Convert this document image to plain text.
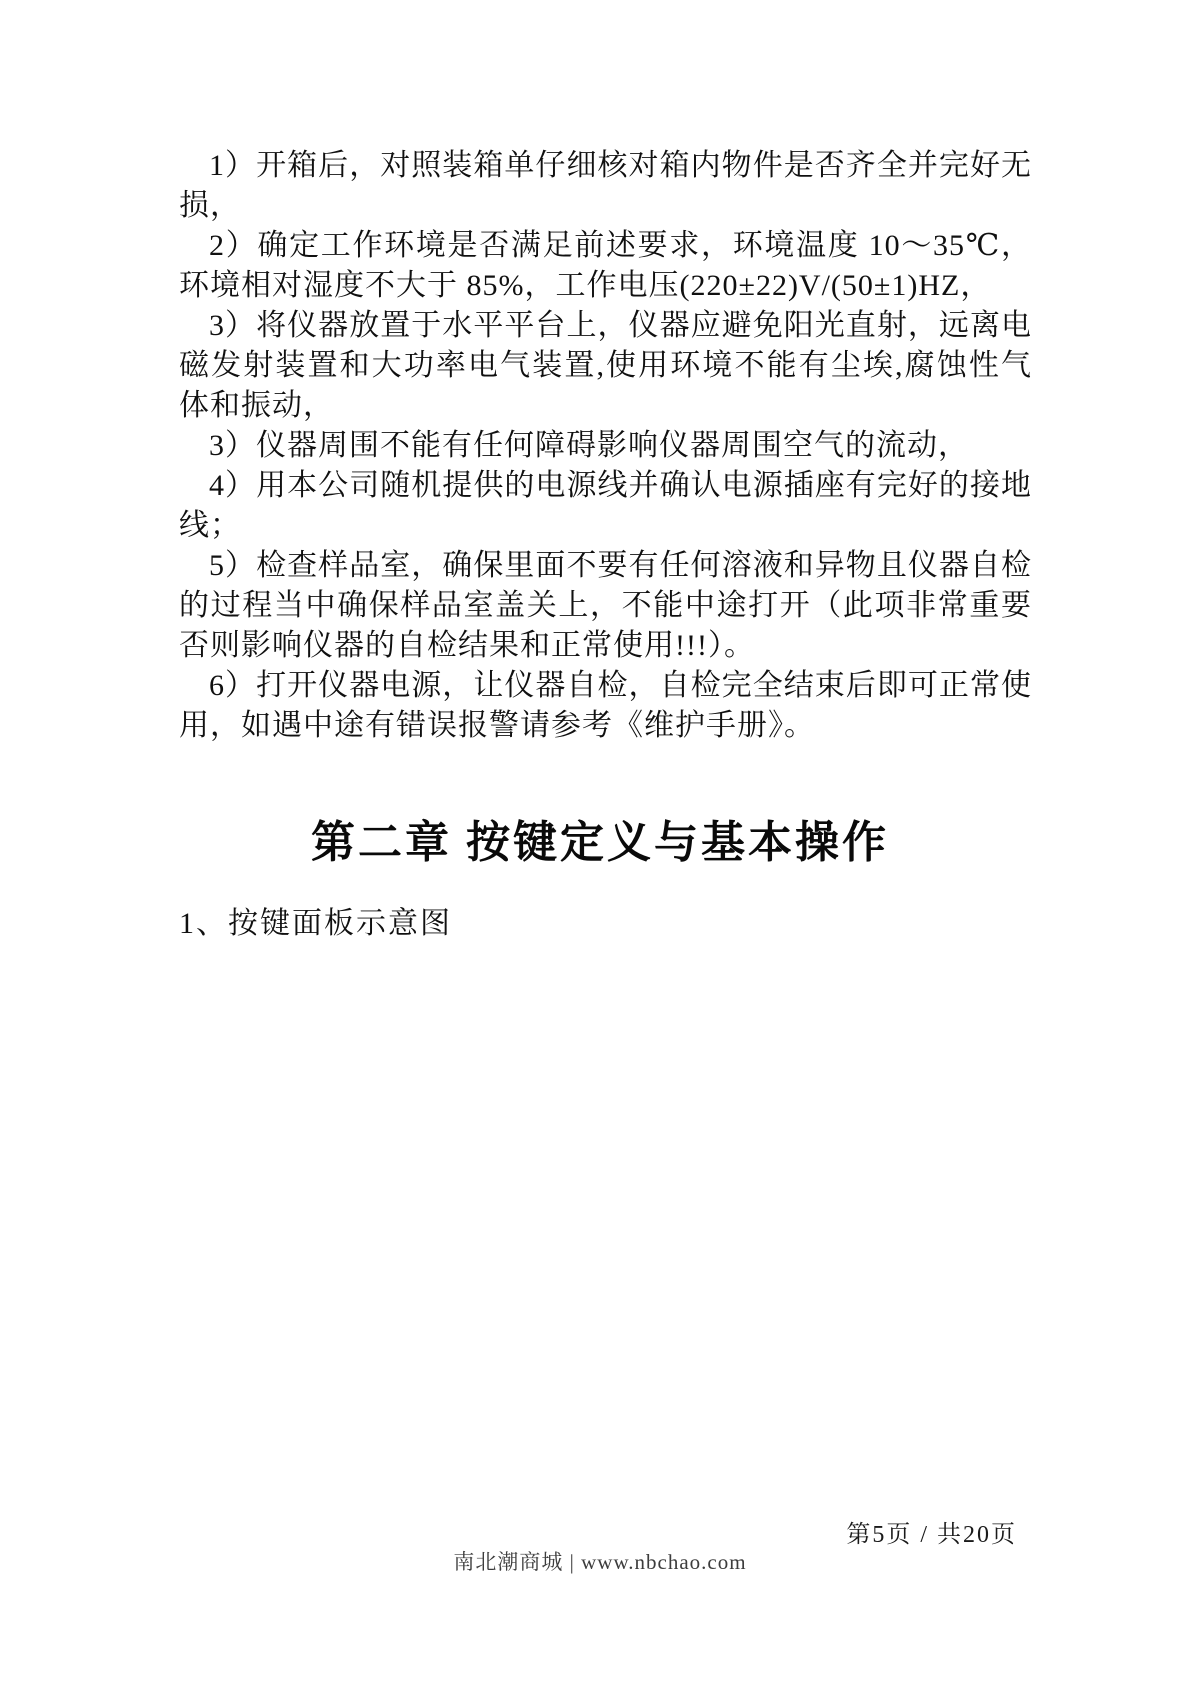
1）开箱后，对照装箱单仔细核对箱内物件是否齐全并完好无损，

2）确定工作环境是否满足前述要求，环境温度 10～35℃，环境相对湿度不大于 85%，工作电压(220±22)V/(50±1)HZ，

3）将仪器放置于水平平台上，仪器应避免阳光直射，远离电磁发射装置和大功率电气装置,使用环境不能有尘埃,腐蚀性气体和振动，

3）仪器周围不能有任何障碍影响仪器周围空气的流动，

4）用本公司随机提供的电源线并确认电源插座有完好的接地线；

5）检查样品室，确保里面不要有任何溶液和异物且仪器自检的过程当中确保样品室盖关上，不能中途打开（此项非常重要否则影响仪器的自检结果和正常使用!!!）。

6）打开仪器电源，让仪器自检，自检完全结束后即可正常使用，如遇中途有错误报警请参考《维护手册》。

第二章 按键定义与基本操作
1、按键面板示意图
第5页 / 共20页
南北潮商城 | www.nbchao.com
